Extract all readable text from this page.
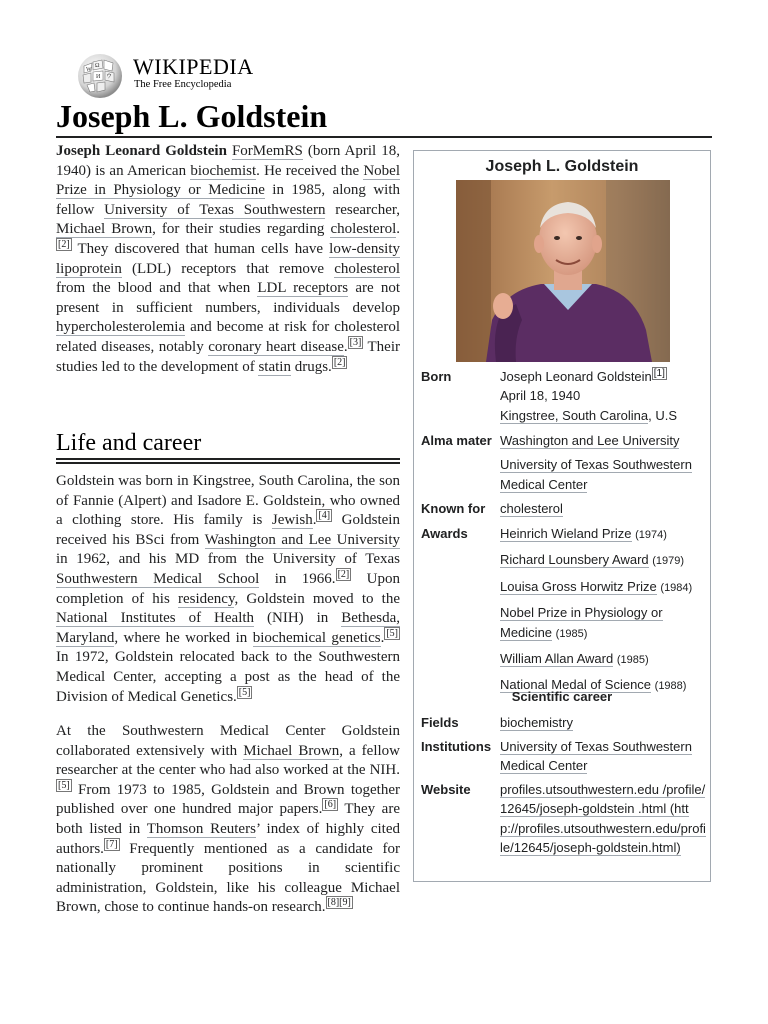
Ω
W
И ウ WIKIPEDIA
The Free Encyclopedia
Joseph L. Goldstein

Joseph Leonard Goldstein ForMemRS (born April 18, 1940) is an American biochemist. He received the Nobel Prize in Physiology or Medicine in 1985, along with fellow University of Texas Southwestern researcher, Michael Brown, for their studies regarding cholesterol.[2] They discovered that human cells have low-density lipoprotein (LDL) receptors that remove cholesterol from the blood and that when LDL receptors are not present in sufficient numbers, individuals develop hypercholesterolemia and become at risk for cholesterol related diseases, notably coronary heart disease. [3] Their studies led to the development of statin drugs. [2]

Life and career

Goldstein was born in Kingstree, South Carolina, the son of Fannie (Alpert) and Isadore E. Goldstein, who owned a clothing store. His family is Jewish. [4] Goldstein received his BSci from Washington and Lee University in 1962, and his MD from the University of Texas Southwestern Medical School in 1966. [2] Upon completion of his residency, Goldstein moved to the National Institutes of Health (NIH) in Bethesda, Maryland, where he worked in biochemical genetics. [5] In 1972, Goldstein relocated back to the Southwestern Medical Center, accepting a post as the head of the Division of Medical Genetics. [5]

At the Southwestern Medical Center Goldstein collaborated extensively with Michael Brown, a fellow researcher at the center who had also worked at the NIH.[5] From 1973 to 1985, Goldstein and Brown together published over one hundred major papers. [6] They are both listed in Thomson Reuters’ index of highly cited authors. [7] Frequently mentioned as a candidate for nationally prominent positions in scientific administration, Goldstein, like his colleague Michael Brown, chose to continue hands-on research. [8][9]

Joseph L. Goldstein
Born	Joseph Leonard Goldstein [1]
April 18, 1940
Kingstree, South Carolina, U.S
Alma mater Washington and Lee University
University of Texas Southwestern Medical Center
Known for	cholesterol
Awards	Heinrich Wieland Prize (1974)
Richard Lounsbery Award (1979)
Louisa Gross Horwitz Prize (1984)
Nobel Prize in Physiology or Medicine (1985)
William Allan Award (1985)
National Medal of Science (1988)
Scientific career
Fields	biochemistry
Institutions University of Texas Southwestern Medical Center
Website	profiles.utsouthwestern.edu /profile/12645/joseph-goldstein .html (http://profiles.utsouthwestern.edu/profile/12645/joseph-goldstein.html)
